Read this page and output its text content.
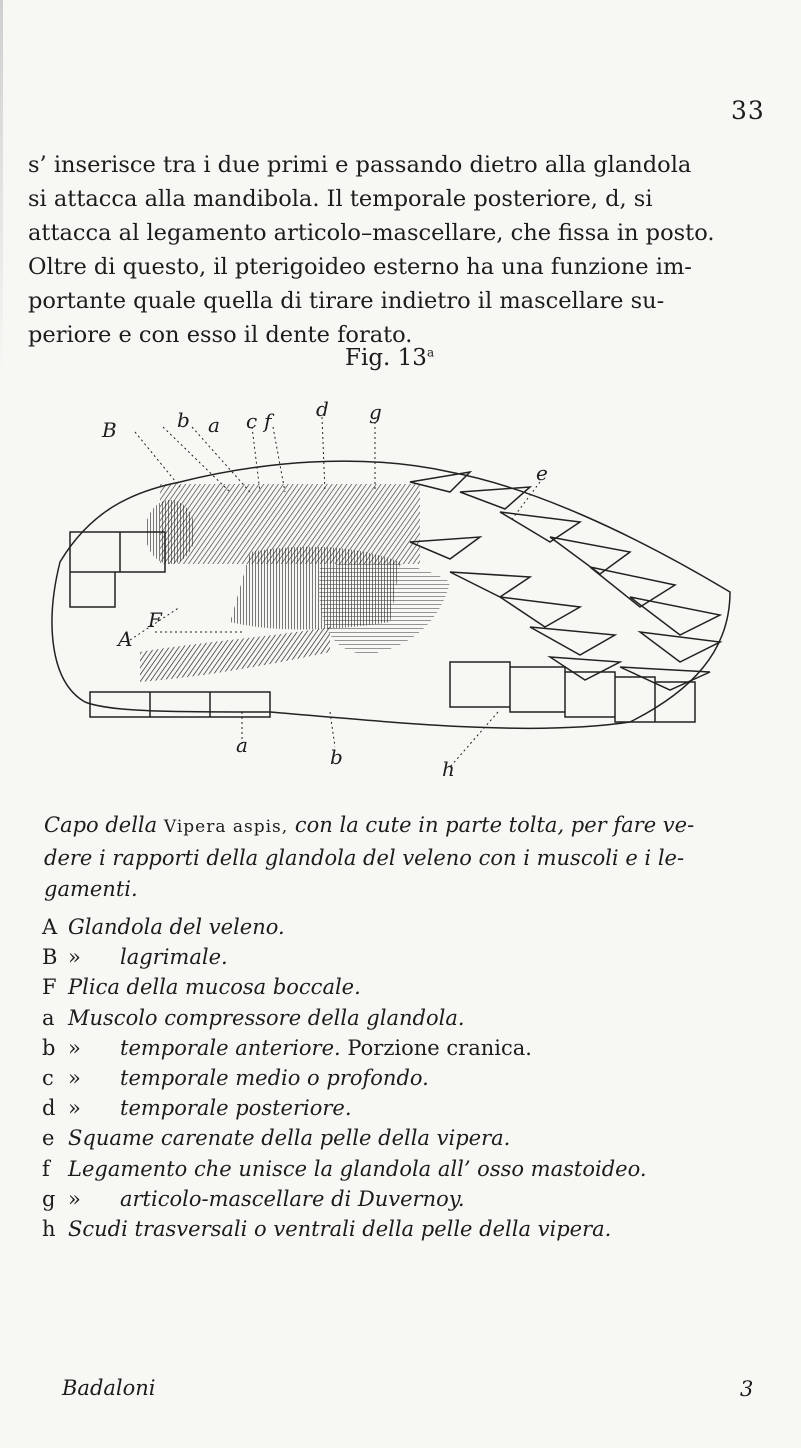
33

s’ inserisce tra i due primi e passando dietro alla glandola
si attacca alla mandibola. Il temporale posteriore, d, si
attacca al legamento articolo–mascellare, che fissa in posto.
Oltre di questo, il pterigoideo esterno ha una funzione im-
portante quale quella di tirare indietro il mascellare su-
periore e con esso il dente forato.

Fig. 13$^a$
B	b a c f d g
e
A
F
a	b	h

Capo della Vipera aspis, con la cute in parte tolta, per fare ve-
dere i rapporti della glandola del veleno con i muscoli e i le-
gamenti.

A Glandola del veleno.
B » lagrimale.
F Plica della mucosa boccale.
a Muscolo compressore della glandola.
b » temporale anteriore. Porzione cranica.
c » temporale medio o profondo.
d » temporale posteriore.
e Squame carenate della pelle della vipera.
f Legamento che unisce la glandola all’ osso mastoideo.
g » articolo-mascellare di Duvernoy.
h Scudi trasversali o ventrali della pelle della vipera.
Badaloni	3
